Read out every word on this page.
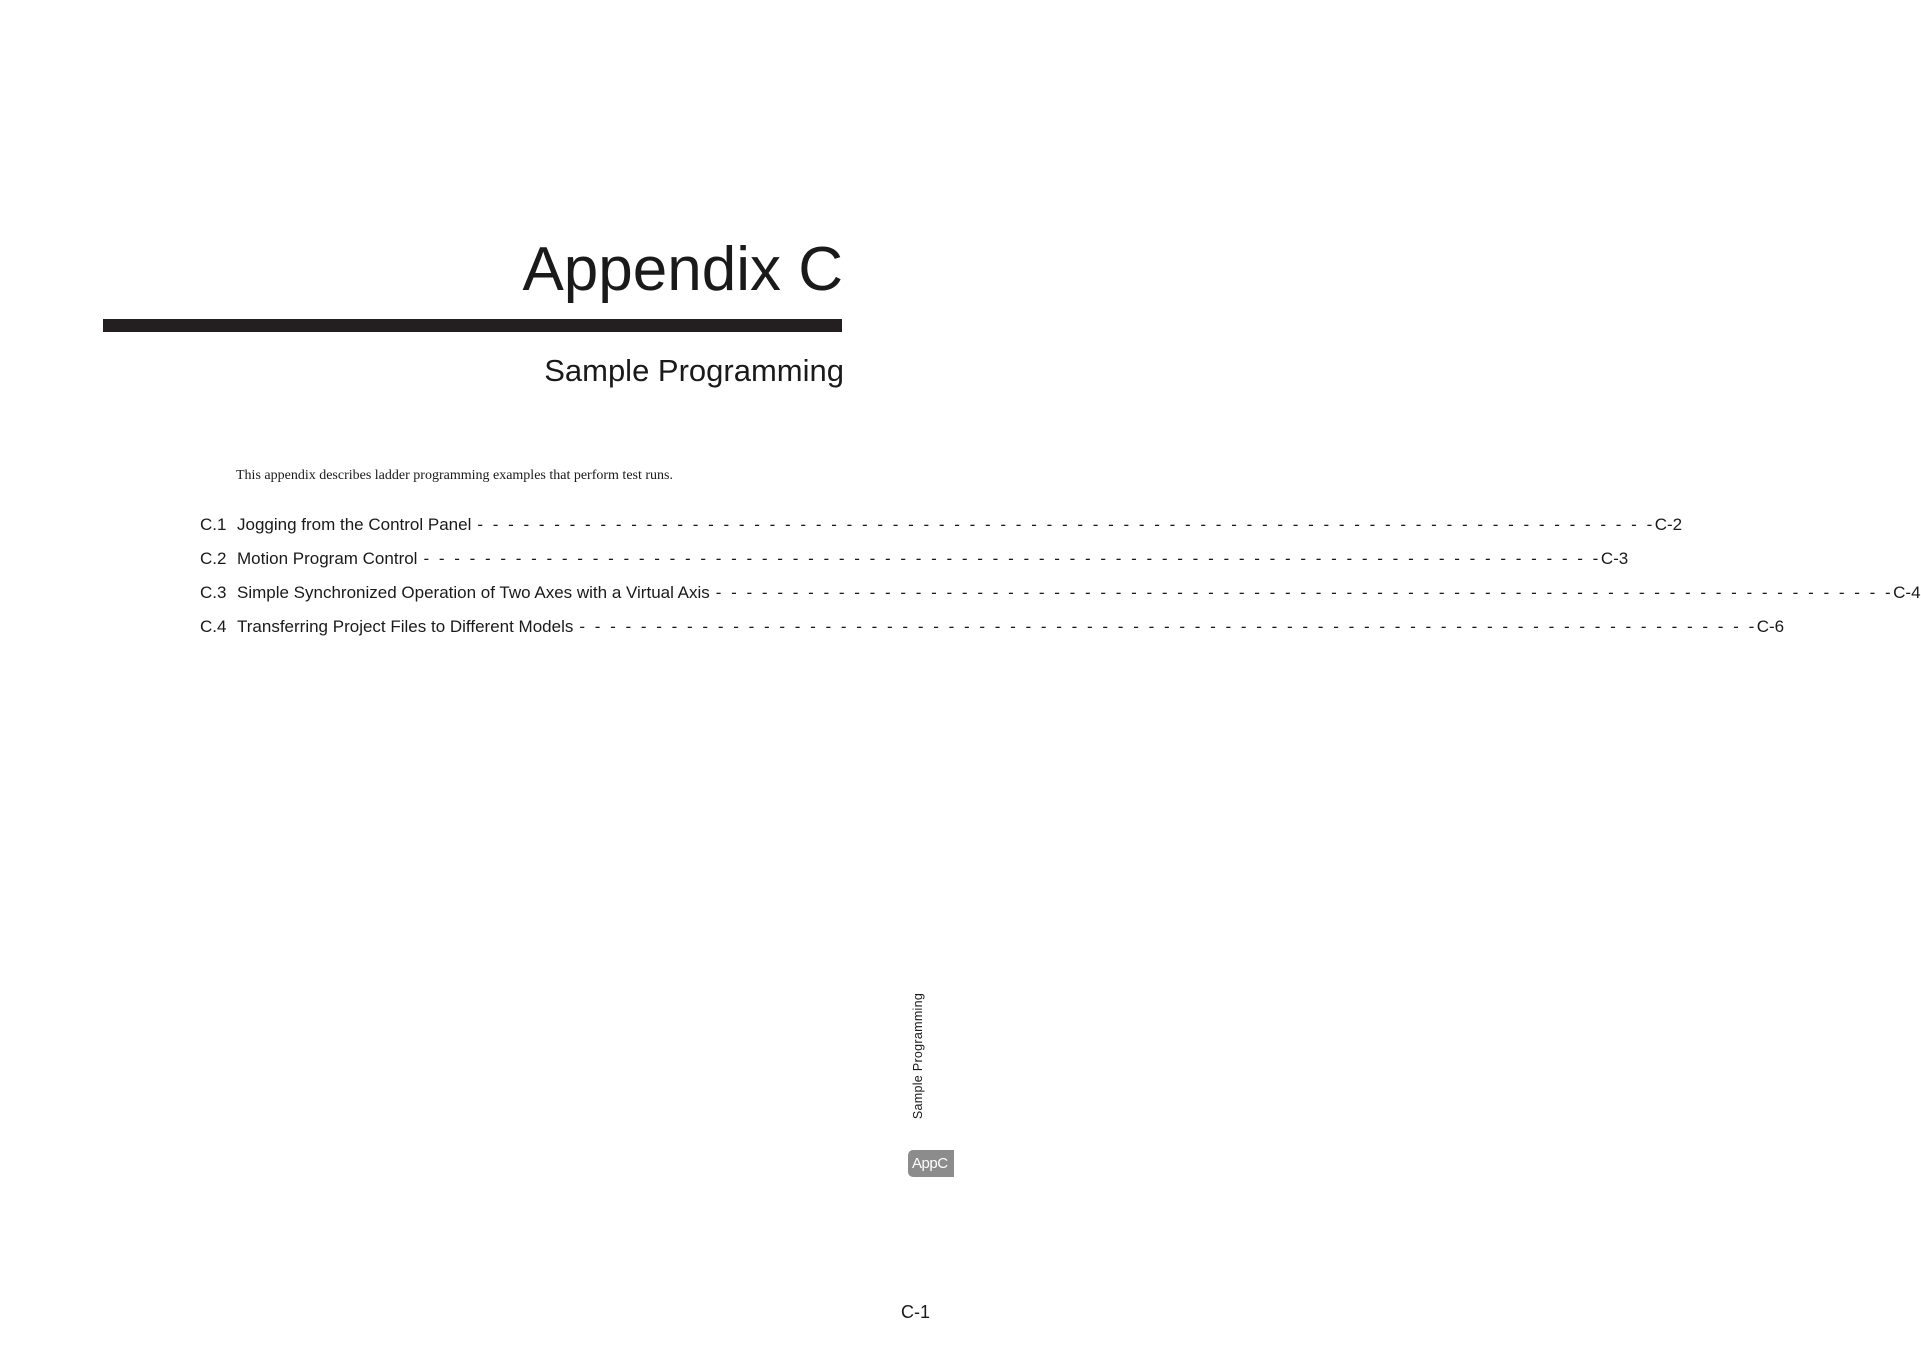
Appendix C
Sample Programming
This appendix describes ladder programming examples that perform test runs.
C.1 Jogging from the Control Panel - - - - - - - - - - - - - - - - - - - - - - - - - - - - - - - - - - - - - - - - - - - - - - - - - - - - - - - - - - - - - - - - - - - - - - - - - - - - - C-2
C.2 Motion Program Control - - - - - - - - - - - - - - - - - - - - - - - - - - - - - - - - - - - - - - - - - - - - - - - - - - - - - - - - - - - - - - - - - - - - - - - - - - - - - C-3
C.3 Simple Synchronized Operation of Two Axes with a Virtual Axis - - - - - - - - - - - - - - - - - - - - - - - - - - - - - - - - - - - - - - - - - - - - - - - - - - - - - - - - - - - - - - - - - - - - - - - - - - - - - C-4
C.4 Transferring Project Files to Different Models - - - - - - - - - - - - - - - - - - - - - - - - - - - - - - - - - - - - - - - - - - - - - - - - - - - - - - - - - - - - - - - - - - - - - - - - - - - - - C-6
Sample Programming
AppC
C-1
